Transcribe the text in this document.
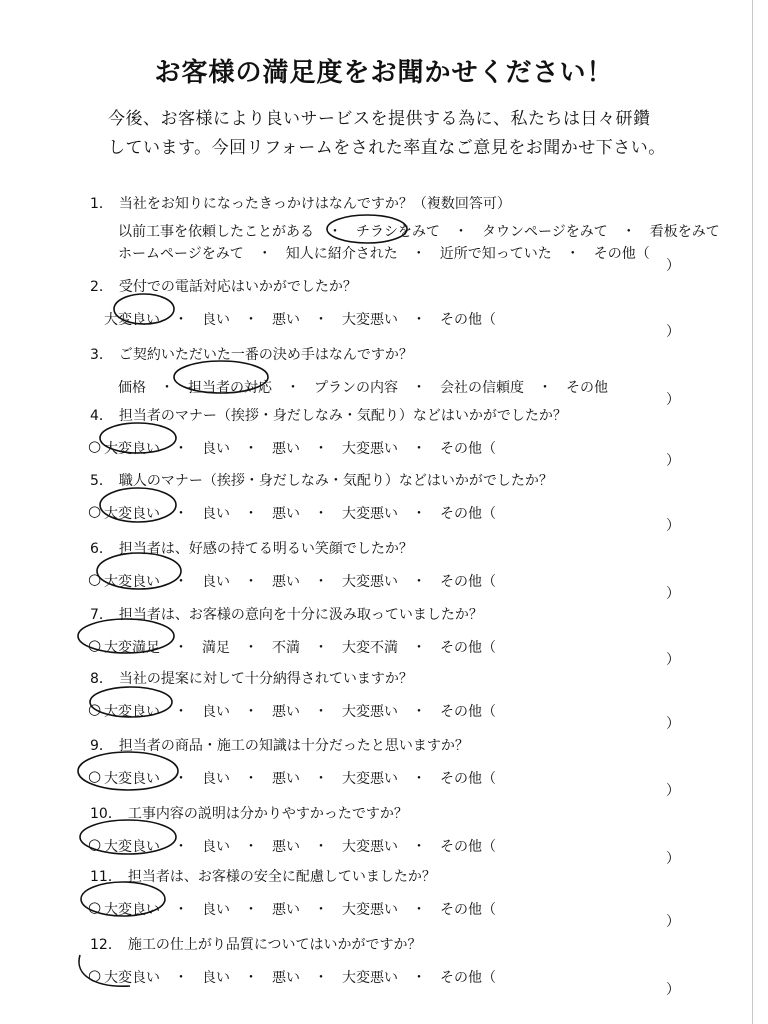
お客様の満足度をお聞かせください！
今後、お客様により良いサービスを提供する為に、私たちは日々研鑽
しています。今回リフォームをされた率直なご意見をお聞かせ下さい。
1． 当社をお知りになったきっかけはなんですか？（複数回答可）
以前工事を依頼したことがある ・ チラシをみて ・ タウンページをみて ・ 看板をみて
ホームページをみて ・ 知人に紹介された ・ 近所で知っていた ・ その他（
）
2． 受付での電話対応はいかがでしたか？
大変良い ・ 良い ・ 悪い ・ 大変悪い ・ その他（
）
3． ご契約いただいた一番の決め手はなんですか？
価格 ・ 担当者の対応 ・ プランの内容 ・ 会社の信頼度 ・ その他
）
4． 担当者のマナー（挨拶・身だしなみ・気配り）などはいかがでしたか？
大変良い ・ 良い ・ 悪い ・ 大変悪い ・ その他（
）
○
5． 職人のマナー（挨拶・身だしなみ・気配り）などはいかがでしたか？
大変良い ・ 良い ・ 悪い ・ 大変悪い ・ その他（
）
○
6． 担当者は、好感の持てる明るい笑顔でしたか？
大変良い ・ 良い ・ 悪い ・ 大変悪い ・ その他（
）
○
7． 担当者は、お客様の意向を十分に汲み取っていましたか？
大変満足 ・ 満足 ・ 不満 ・ 大変不満 ・ その他（
）
○
8． 当社の提案に対して十分納得されていますか？
大変良い ・ 良い ・ 悪い ・ 大変悪い ・ その他（
）
○
9． 担当者の商品・施工の知識は十分だったと思いますか？
大変良い ・ 良い ・ 悪い ・ 大変悪い ・ その他（
）
○
10． 工事内容の説明は分かりやすかったですか？
大変良い ・ 良い ・ 悪い ・ 大変悪い ・ その他（
）
○
11． 担当者は、お客様の安全に配慮していましたか？
大変良い ・ 良い ・ 悪い ・ 大変悪い ・ その他（
）
○
12． 施工の仕上がり品質についてはいかがですか？
大変良い ・ 良い ・ 悪い ・ 大変悪い ・ その他（
）
○
